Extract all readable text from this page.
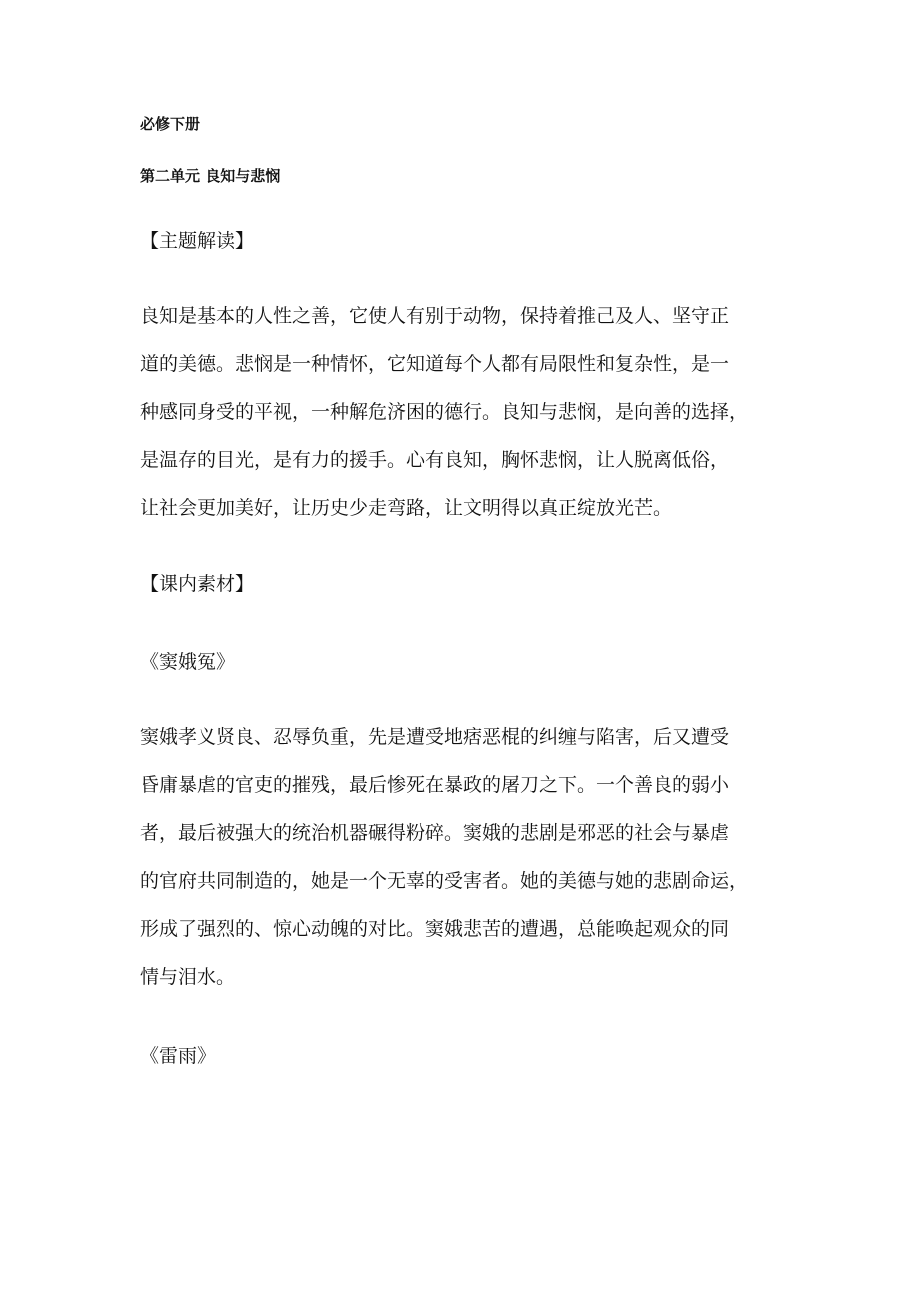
必修下册
第二单元 良知与悲悯
【主题解读】
良知是基本的人性之善，它使人有别于动物，保持着推己及人、坚守正
道的美德。悲悯是一种情怀，它知道每个人都有局限性和复杂性，是一
种感同身受的平视，一种解危济困的德行。良知与悲悯，是向善的选择，
是温存的目光，是有力的援手。心有良知，胸怀悲悯，让人脱离低俗，
让社会更加美好，让历史少走弯路，让文明得以真正绽放光芒。
【课内素材】
《窦娥冤》
窦娥孝义贤良、忍辱负重，先是遭受地痞恶棍的纠缠与陷害，后又遭受
昏庸暴虐的官吏的摧残，最后惨死在暴政的屠刀之下。一个善良的弱小
者，最后被强大的统治机器碾得粉碎。窦娥的悲剧是邪恶的社会与暴虐
的官府共同制造的，她是一个无辜的受害者。她的美德与她的悲剧命运，
形成了强烈的、惊心动魄的对比。窦娥悲苦的遭遇，总能唤起观众的同
情与泪水。
《雷雨》
